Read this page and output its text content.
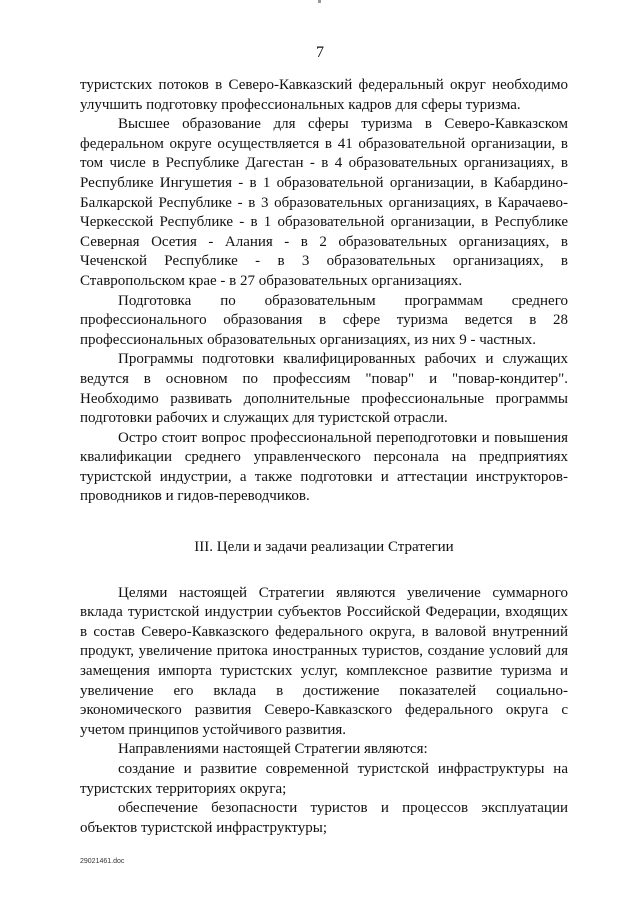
7

туристских потоков в Северо-Кавказский федеральный округ необходимо улучшить подготовку профессиональных кадров для сферы туризма.

Высшее образование для сферы туризма в Северо-Кавказском федеральном округе осуществляется в 41 образовательной организации, в том числе в Республике Дагестан - в 4 образовательных организациях, в Республике Ингушетия - в 1 образовательной организации, в Кабардино-Балкарской Республике - в 3 образовательных организациях, в Карачаево-Черкесской Республике - в 1 образовательной организации, в Республике Северная Осетия - Алания - в 2 образовательных организациях, в Чеченской Республике - в 3 образовательных организациях, в Ставропольском крае - в 27 образовательных организациях.

Подготовка по образовательным программам среднего профессионального образования в сфере туризма ведется в 28 профессиональных образовательных организациях, из них 9 - частных.

Программы подготовки квалифицированных рабочих и служащих ведутся в основном по профессиям "повар" и "повар-кондитер". Необходимо развивать дополнительные профессиональные программы подготовки рабочих и служащих для туристской отрасли.

Остро стоит вопрос профессиональной переподготовки и повышения квалификации среднего управленческого персонала на предприятиях туристской индустрии, а также подготовки и аттестации инструкторов-проводников и гидов-переводчиков.

III. Цели и задачи реализации Стратегии

Целями настоящей Стратегии являются увеличение суммарного вклада туристской индустрии субъектов Российской Федерации, входящих в состав Северо-Кавказского федерального округа, в валовой внутренний продукт, увеличение притока иностранных туристов, создание условий для замещения импорта туристских услуг, комплексное развитие туризма и увеличение его вклада в достижение показателей социально-экономического развития Северо-Кавказского федерального округа с учетом принципов устойчивого развития.

Направлениями настоящей Стратегии являются:

создание и развитие современной туристской инфраструктуры на туристских территориях округа;

обеспечение безопасности туристов и процессов эксплуатации объектов туристской инфраструктуры;

29021461.doc
